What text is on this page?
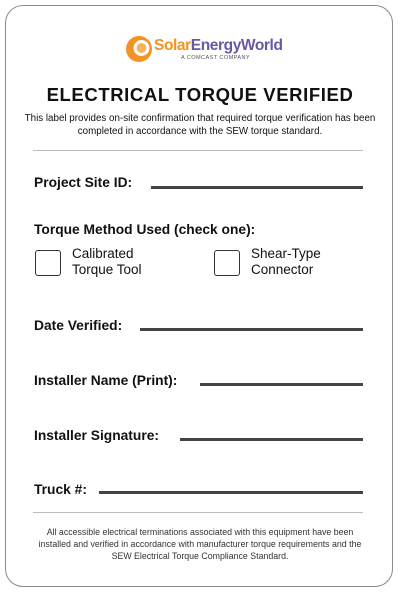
SolarEnergyWorld
A COMCAST COMPANY
ELECTRICAL TORQUE VERIFIED
This label provides on-site confirmation that required torque verification has been completed in accordance with the SEW torque standard.
Project Site ID:
Torque Method Used (check one):
Calibrated
Torque Tool
Shear-Type
Connector
Date Verified:
Installer Name (Print):
Installer Signature:
Truck #:
All accessible electrical terminations associated with this equipment have been installed and verified in accordance with manufacturer torque requirements and the SEW Electrical Torque Compliance Standard.
